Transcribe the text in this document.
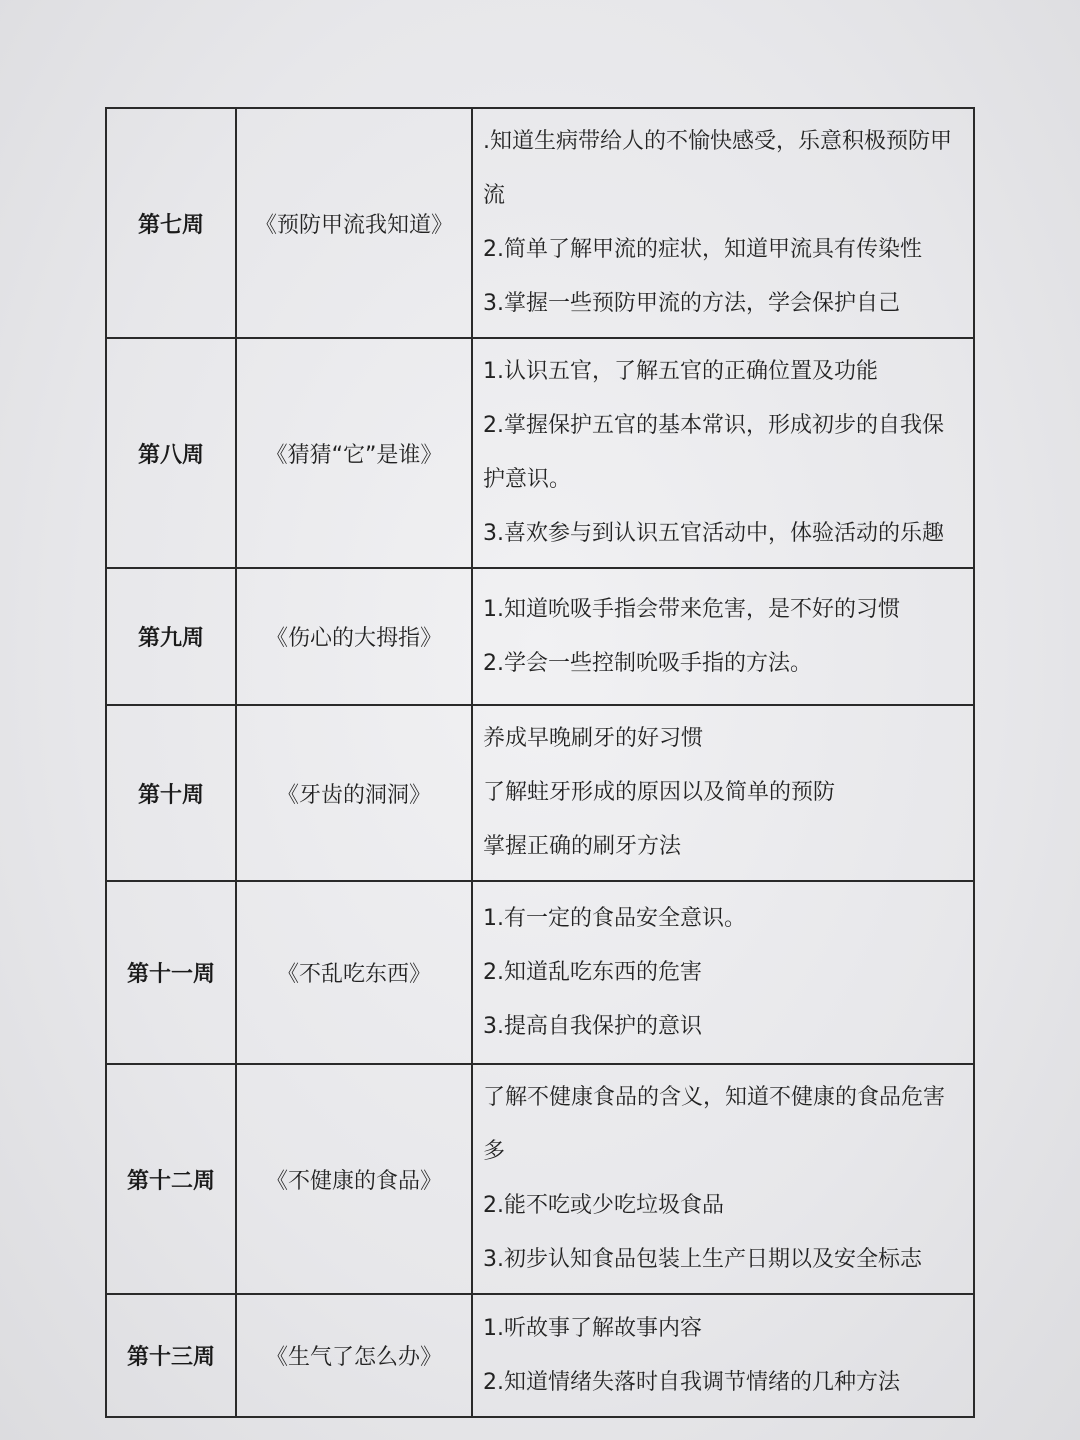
第七周	《预防甲流我知道》	.知道生病带给人的不愉快感受，乐意积极预防甲流
2.简单了解甲流的症状，知道甲流具有传染性
3.掌握一些预防甲流的方法，学会保护自己

第八周	《猜猜“它”是谁》	1.认识五官，了解五官的正确位置及功能
2.掌握保护五官的基本常识，形成初步的自我保护意识。
3.喜欢参与到认识五官活动中，体验活动的乐趣

第九周	《伤心的大拇指》	1.知道吮吸手指会带来危害，是不好的习惯
2.学会一些控制吮吸手指的方法。

第十周	《牙齿的洞洞》	养成早晚刷牙的好习惯
了解蛀牙形成的原因以及简单的预防
掌握正确的刷牙方法

第十一周	《不乱吃东西》	1.有一定的食品安全意识。
2.知道乱吃东西的危害
3.提高自我保护的意识

第十二周	《不健康的食品》	了解不健康食品的含义，知道不健康的食品危害多
2.能不吃或少吃垃圾食品
3.初步认知食品包装上生产日期以及安全标志

第十三周	《生气了怎么办》	1.听故事了解故事内容
2.知道情绪失落时自我调节情绪的几种方法
